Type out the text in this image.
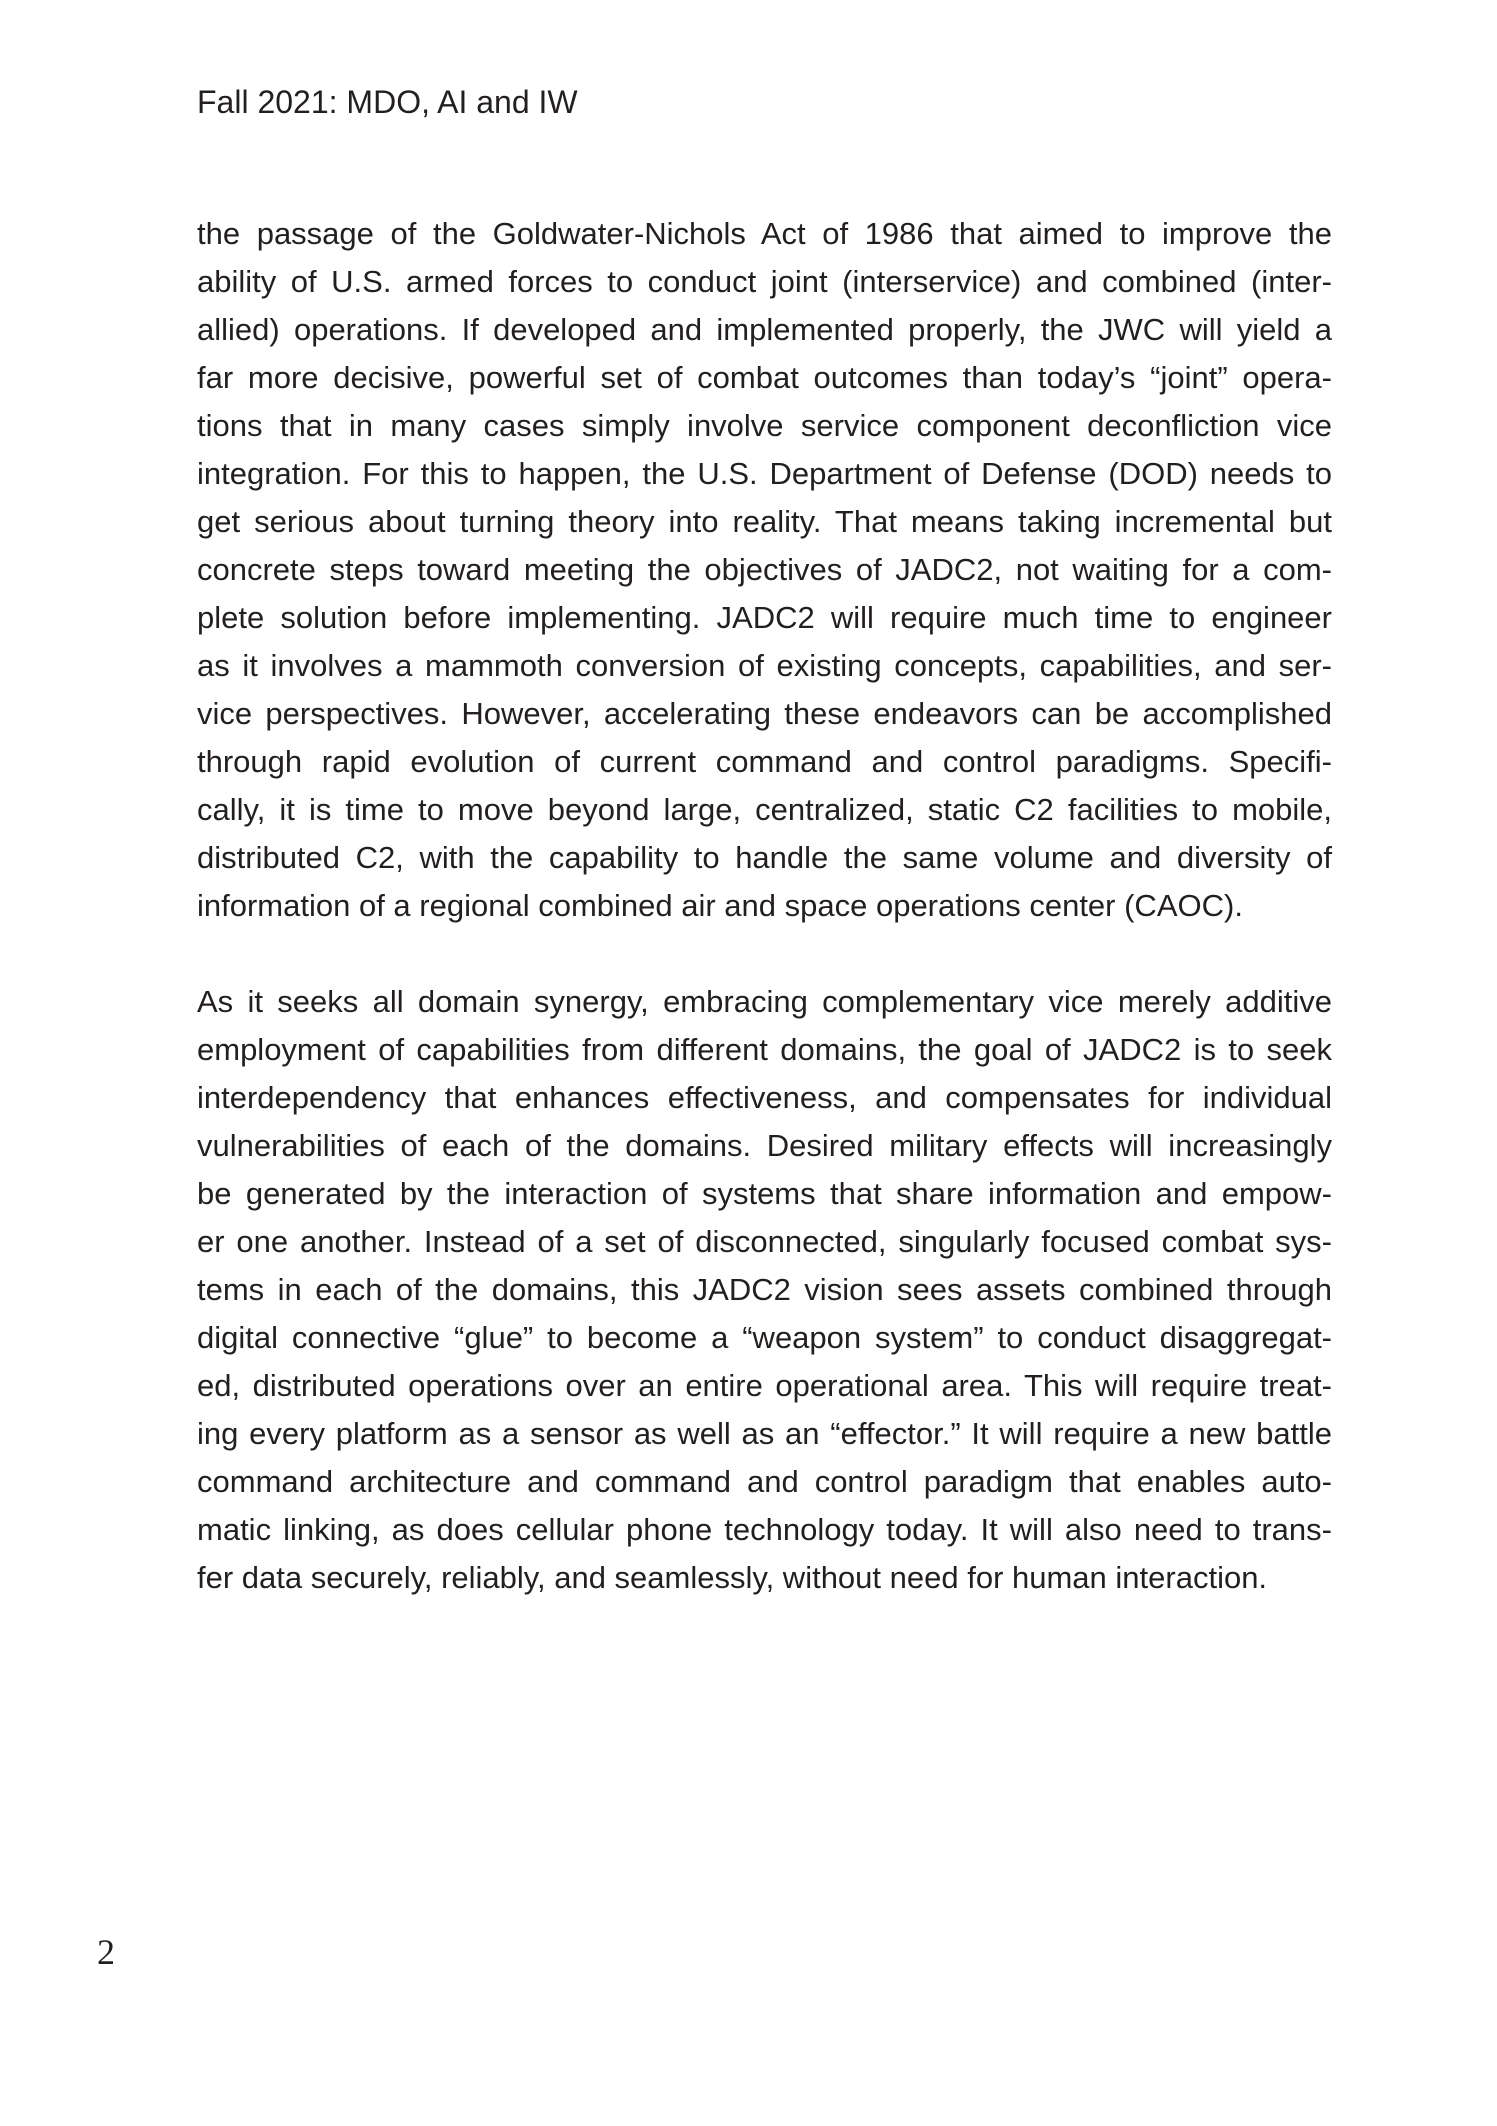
Fall 2021: MDO, AI and IW

the passage of the Goldwater-Nichols Act of 1986 that aimed to improve the
ability of U.S. armed forces to conduct joint (interservice) and combined (inter-
allied) operations. If developed and implemented properly, the JWC will yield a
far more decisive, powerful set of combat outcomes than today’s “joint” opera-
tions that in many cases simply involve service component deconfliction vice
integration. For this to happen, the U.S. Department of Defense (DOD) needs to
get serious about turning theory into reality. That means taking incremental but
concrete steps toward meeting the objectives of JADC2, not waiting for a com-
plete solution before implementing. JADC2 will require much time to engineer
as it involves a mammoth conversion of existing concepts, capabilities, and ser-
vice perspectives. However, accelerating these endeavors can be accomplished
through rapid evolution of current command and control paradigms. Specifi-
cally, it is time to move beyond large, centralized, static C2 facilities to mobile,
distributed C2, with the capability to handle the same volume and diversity of
information of a regional combined air and space operations center (CAOC).

As it seeks all domain synergy, embracing complementary vice merely additive
employment of capabilities from different domains, the goal of JADC2 is to seek
interdependency that enhances effectiveness, and compensates for individual
vulnerabilities of each of the domains. Desired military effects will increasingly
be generated by the interaction of systems that share information and empow-
er one another. Instead of a set of disconnected, singularly focused combat sys-
tems in each of the domains, this JADC2 vision sees assets combined through
digital connective “glue” to become a “weapon system” to conduct disaggregat-
ed, distributed operations over an entire operational area. This will require treat-
ing every platform as a sensor as well as an “effector.” It will require a new battle
command architecture and command and control paradigm that enables auto-
matic linking, as does cellular phone technology today. It will also need to trans-
fer data securely, reliably, and seamlessly, without need for human interaction.

2
